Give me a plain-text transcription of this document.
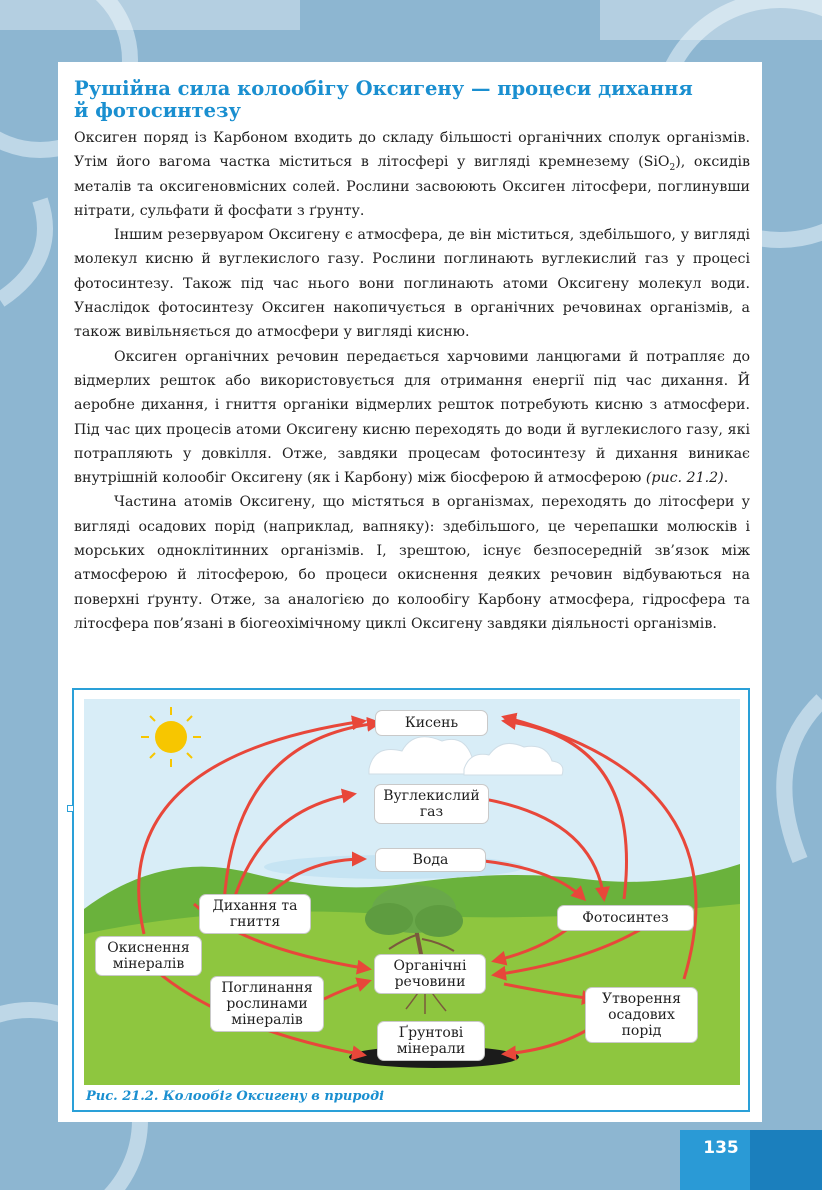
Рушійна сила колообігу Оксигену — процеси дихання й фотосинтезу

Оксиген поряд із Карбоном входить до складу більшості органічних сполук організмів. Утім його вагома частка міститься в літосфері у вигляді кремнезему (SiO$_2$), оксидів металів та оксигеновмісних солей. Рослини засвоюють Оксиген літосфери, поглинувши нітрати, сульфати й фосфати з ґрунту.

Іншим резервуаром Оксигену є атмосфера, де він міститься, здебільшого, у вигляді молекул кисню й вуглекислого газу. Рослини поглинають вуглекислий газ у процесі фотосинтезу. Також під час нього вони поглинають атоми Оксигену молекул води. Унаслідок фотосинтезу Оксиген накопичується в органічних речовинах організмів, а також вивільняється до атмосфери у вигляді кисню.

Оксиген органічних речовин передається харчовими ланцюгами й потрапляє до відмерлих решток або використовується для отримання енергії під час дихання. Й аеробне дихання, і гниття органіки відмерлих решток потребують кисню з атмосфери. Під час цих процесів атоми Оксигену кисню переходять до води й вуглекислого газу, які потрапляють у довкілля. Отже, завдяки процесам фотосинтезу й дихання виникає внутрішній колообіг Оксигену (як і Карбону) між біосферою й атмосферою (рис. 21.2).

Частина атомів Оксигену, що містяться в організмах, переходять до літосфери у вигляді осадових порід (наприклад, вапняку): здебільшого, це черепашки молюсків і морських одноклітинних організмів. І, зрештою, існує безпосередній зв’язок між атмосферою й літосферою, бо процеси окиснення деяких речовин відбуваються на поверхні ґрунту. Отже, за аналогією до колообігу Карбону атмосфера, гідросфера та літосфера пов’язані в біогеохімічному циклі Оксигену завдяки діяльності організмів.

Кисень
Вуглекислий газ
Вода
Дихання та гниття	Фотосинтез
Окиснення мінералів	Органічні речовини
Поглинання рослинами мінералів
Утворення осадових порід
Ґрунтові мінерали

Рис. 21.2. Колообіг Оксигену в природі

135
